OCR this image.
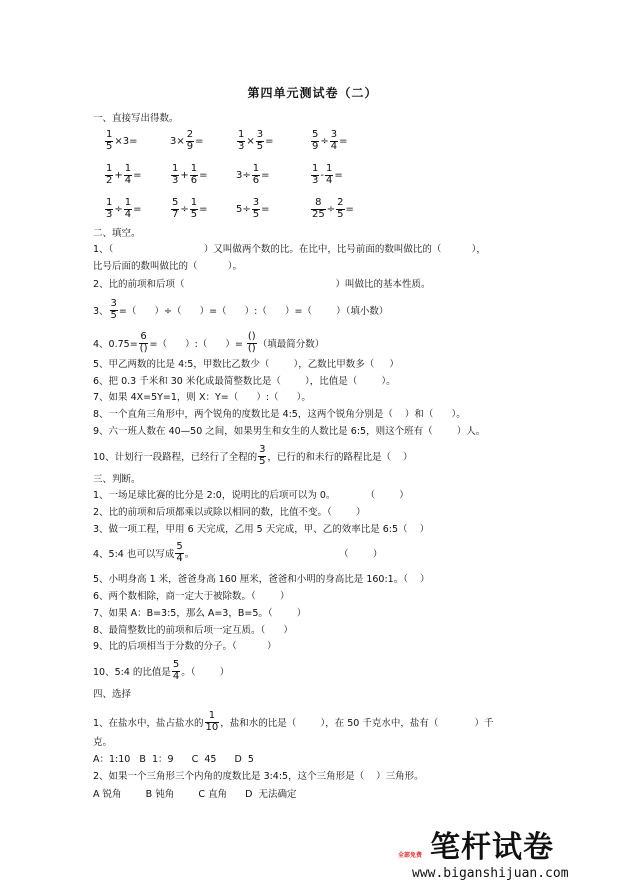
第四单元测试卷（二）
$\frac{1}{5} \times 3=$	$3\times \frac{2}{9}$ =	$\frac{1}{3} \times \frac{3}{5}$ =	$\frac{5}{9} \div \frac{3}{4}$ =
$\frac{1}{2} + \frac{1}{4}$ =	$\frac{1}{3} + \frac{1}{6}$ =	$3\div \frac{1}{6}$ =	$\frac{1}{3} - \frac{1}{4}$ =
$\frac{1}{3} \div \frac{1}{4}$ =	$\frac{5}{7} \div \frac{1}{5}$ =	$5\div \frac{3}{5}$ =	$\frac{8}{25} \div \frac{2}{5}$ =
一、直接写出得数。
二、填空。
1、（                              ）又叫做两个数的比。在比中，比号前面的数叫做比的（          ），
比号后面的数叫做比的（          ）。
2、比的前项和后项（                                                  ）叫做比的基本性质。
3、 $\frac{3}{5}$ =（      ）÷（      ）=（      ）:（      ）=（        ）（填小数）
4、$0.75= \frac{6}{()}$ =（      ）:（      ）= $\frac{()}{()}$ （填最简分数）
5、甲乙两数的比是 4:5，甲数比乙数少（        ），乙数比甲数多（     ）
6、把 0.3 千米和 30 米化成最简整数比是（        ），比值是（        ）。
7、如果 4X=5Y=1，则 X：Y=（      ）:（      ）。
8、一个直角三角形中，两个锐角的度数比是 4:5，这两个锐角分别是（    ）和（      ）。
9、六一班人数在 40—50 之间，如果男生和女生的人数比是 6:5，则这个班有（        ）人。
10、计划行一段路程，已经行了全程的 $\frac{3}{5}$ ，已行的和未行的路程比是（    ）
三、判断。
1、一场足球比赛的比分是 2:0，说明比的后项可以为 0。          （        ）
2、比的前项和后项都乘以或除以相同的数，比值不变。（        ）
3、做一项工程，甲用 6 天完成，乙用 5 天完成，甲、乙的效率比是 6:5（    ）
4、5:4 也可以写成 $\frac{5}{4}$ 。                                                （        ）
5、小明身高 1 米，爸爸身高 160 厘米，爸爸和小明的身高比是 160:1。（    ）
6、两个数相除，商一定大于被除数。（        ）
7、如果 A：B=3:5，那么 A=3，B=5。（        ）
8、最简整数比的前项和后项一定互质。（      ）
9、比的后项相当于分数的分子。（          ）
10、5:4 的比值是 $\frac{5}{4}$ 。（        ）
四、选择
1、在盐水中，盐占盐水的 $\frac{1}{10}$ ，盐和水的比是（        ），在 50 千克水中，盐有（            ）千
克。
A：1:10   B  1：9      C  45      D  5
2、如果一个三角形三个内角的度数比是 3:4:5，这个三角形是（    ）三角形。
A 锐角        B 钝角        C 直角      D  无法确定
笔杆试卷
全部免费
www.biganshijuan.com
